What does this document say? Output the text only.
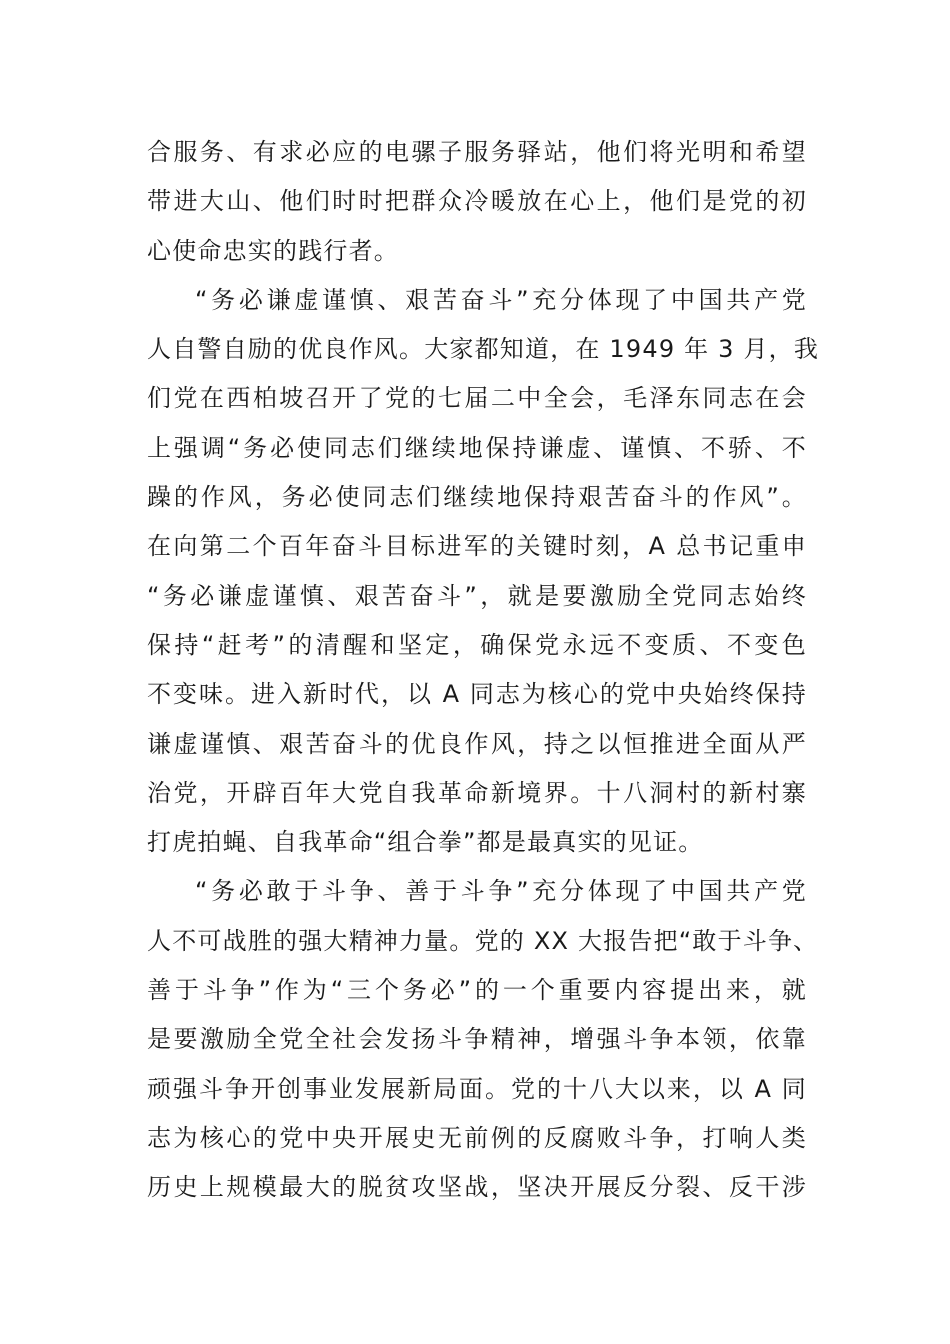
合服务、有求必应的电骡子服务驿站，他们将光明和希望
带进大山、他们时时把群众冷暖放在心上，他们是党的初
心使命忠实的践行者。
“务必谦虚谨慎、艰苦奋斗”充分体现了中国共产党
人自警自励的优良作风。大家都知道，在 1949 年 3 月，我
们党在西柏坡召开了党的七届二中全会，毛泽东同志在会
上强调“务必使同志们继续地保持谦虚、谨慎、不骄、不
躁的作风，务必使同志们继续地保持艰苦奋斗的作风”。
在向第二个百年奋斗目标进军的关键时刻，A 总书记重申
“务必谦虚谨慎、艰苦奋斗”，就是要激励全党同志始终
保持“赶考”的清醒和坚定，确保党永远不变质、不变色
不变味。进入新时代，以 A 同志为核心的党中央始终保持
谦虚谨慎、艰苦奋斗的优良作风，持之以恒推进全面从严
治党，开辟百年大党自我革命新境界。十八洞村的新村寨
打虎拍蝇、自我革命“组合拳”都是最真实的见证。
“务必敢于斗争、善于斗争”充分体现了中国共产党
人不可战胜的强大精神力量。党的 XX 大报告把“敢于斗争、
善于斗争”作为“三个务必”的一个重要内容提出来，就
是要激励全党全社会发扬斗争精神，增强斗争本领，依靠
顽强斗争开创事业发展新局面。党的十八大以来，以 A 同
志为核心的党中央开展史无前例的反腐败斗争，打响人类
历史上规模最大的脱贫攻坚战，坚决开展反分裂、反干涉
